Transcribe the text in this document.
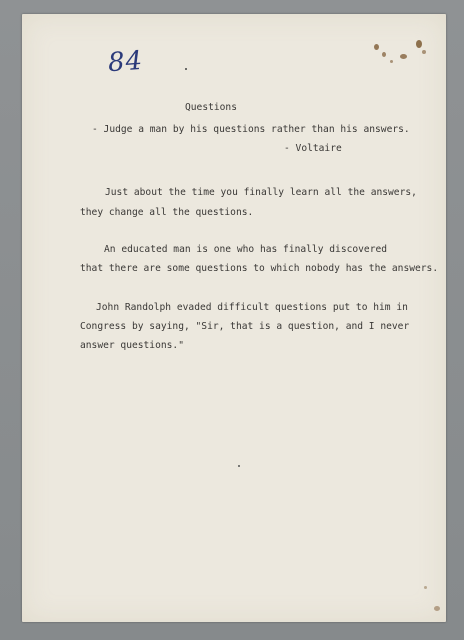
84
Questions
- Judge a man by his questions rather than his answers.
- Voltaire
Just about the time you finally learn all the answers,
they change all the questions.
An educated man is one who has finally discovered
that there are some questions to which nobody has the answers.
John Randolph evaded difficult questions put to him in
Congress by saying, "Sir, that is a question, and I never
answer questions."
